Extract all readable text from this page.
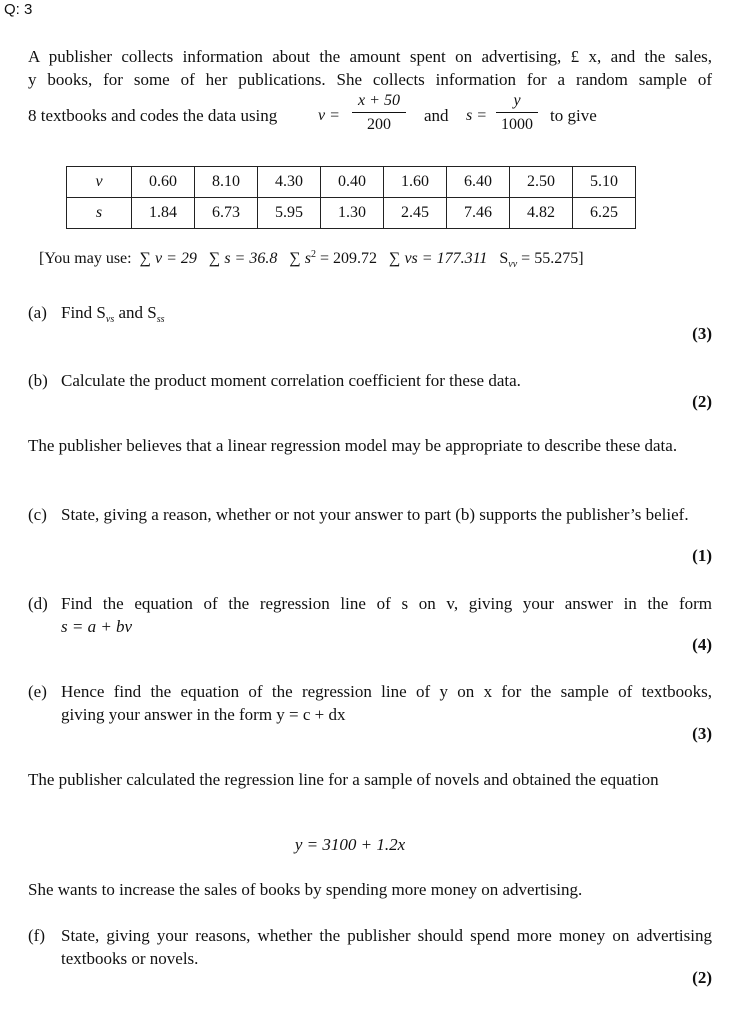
Q: 3
A publisher collects information about the amount spent on advertising, £ x, and the sales,
y books, for some of her publications. She collects information for a random sample of
8 textbooks and codes the data using	v =
x + 50
200	and s =
y
1000 to give
v	0.60	8.10	4.30	0.40	1.60	6.40	2.50	5.10
s	1.84	6.73	5.95	1.30	2.45	7.46	4.82	6.25
[You may use: ∑ v = 29 ∑ s = 36.8 ∑ $s^2 = 209.72$ ∑ vs = 177.311 $S_{vv} = 55.275$]
(a) Find $S_{vs}$ and $S_{ss}$
(3)
(b) Calculate the product moment correlation coefficient for these data.
(2)
The publisher believes that a linear regression model may be appropriate to describe these data.
(c) State, giving a reason, whether or not your answer to part (b) supports the publisher’s belief.
(1)
(d) Find the equation of the regression line of s on v, giving your answer in the form
s = a + bv
(4)
(e) Hence find the equation of the regression line of y on x for the sample of textbooks,
giving your answer in the form y = c + dx
(3)
The publisher calculated the regression line for a sample of novels and obtained the equation
y = 3100 + 1.2x
She wants to increase the sales of books by spending more money on advertising.
(f) State, giving your reasons, whether the publisher should spend more money on advertising textbooks or novels.
(2)
